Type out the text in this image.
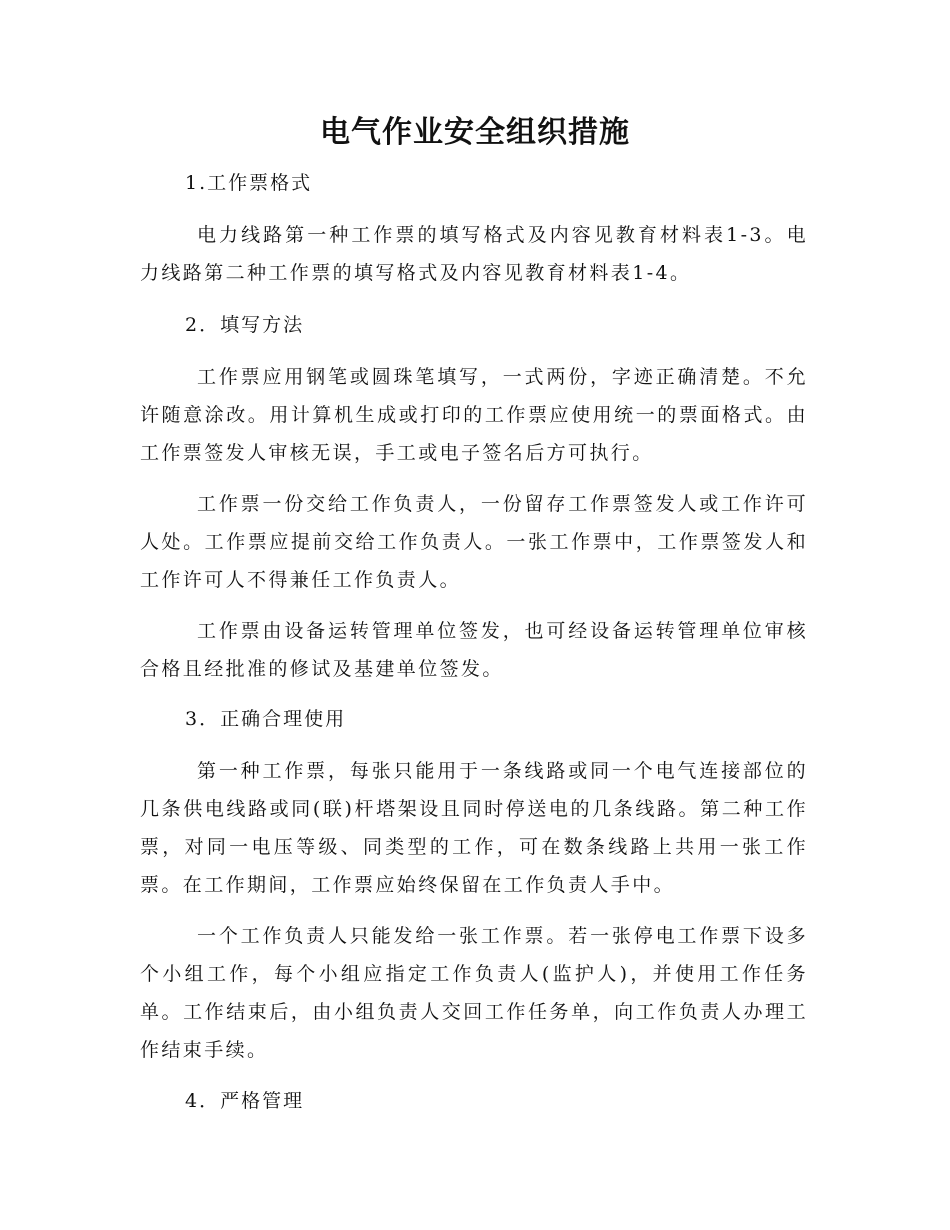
电气作业安全组织措施
1.工作票格式

电力线路第一种工作票的填写格式及内容见教育材料表1-3。电力线路第二种工作票的填写格式及内容见教育材料表1-4。

2．填写方法

工作票应用钢笔或圆珠笔填写，一式两份，字迹正确清楚。不允许随意涂改。用计算机生成或打印的工作票应使用统一的票面格式。由工作票签发人审核无误，手工或电子签名后方可执行。

工作票一份交给工作负责人，一份留存工作票签发人或工作许可人处。工作票应提前交给工作负责人。一张工作票中，工作票签发人和工作许可人不得兼任工作负责人。

工作票由设备运转管理单位签发，也可经设备运转管理单位审核合格且经批准的修试及基建单位签发。

3．正确合理使用

第一种工作票，每张只能用于一条线路或同一个电气连接部位的几条供电线路或同(联)杆塔架设且同时停送电的几条线路。第二种工作票，对同一电压等级、同类型的工作，可在数条线路上共用一张工作票。在工作期间，工作票应始终保留在工作负责人手中。

一个工作负责人只能发给一张工作票。若一张停电工作票下设多个小组工作，每个小组应指定工作负责人(监护人)，并使用工作任务单。工作结束后，由小组负责人交回工作任务单，向工作负责人办理工作结束手续。

4．严格管理
